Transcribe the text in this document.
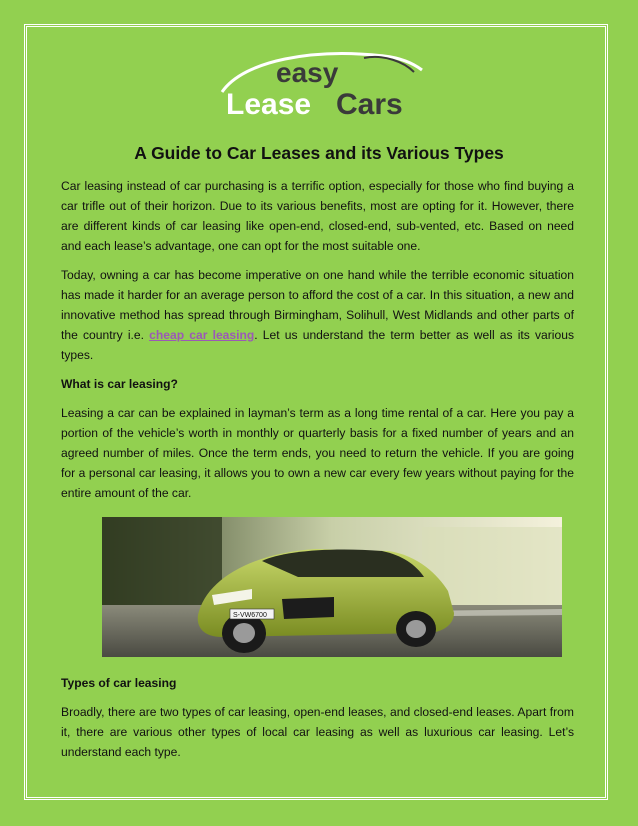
easy
Lease Cars
A Guide to Car Leases and its Various Types

Car leasing instead of car purchasing is a terrific option, especially for those who find buying a car trifle out of their horizon. Due to its various benefits, most are opting for it. However, there are different kinds of car leasing like open-end, closed-end, sub-vented, etc. Based on need and each lease’s advantage, one can opt for the most suitable one.

Today, owning a car has become imperative on one hand while the terrible economic situation has made it harder for an average person to afford the cost of a car. In this situation, a new and innovative method has spread through Birmingham, Solihull, West Midlands and other parts of the country i.e. cheap car leasing. Let us understand the term better as well as its various types.

What is car leasing?

Leasing a car can be explained in layman’s term as a long time rental of a car. Here you pay a portion of the vehicle’s worth in monthly or quarterly basis for a fixed number of years and an agreed number of miles. Once the term ends, you need to return the vehicle. If you are going for a personal car leasing, it allows you to own a new car every few years without paying for the entire amount of the car.

S-VW6700
Types of car leasing

Broadly, there are two types of car leasing, open-end leases, and closed-end leases. Apart from it, there are various other types of local car leasing as well as luxurious car leasing. Let’s understand each type.
